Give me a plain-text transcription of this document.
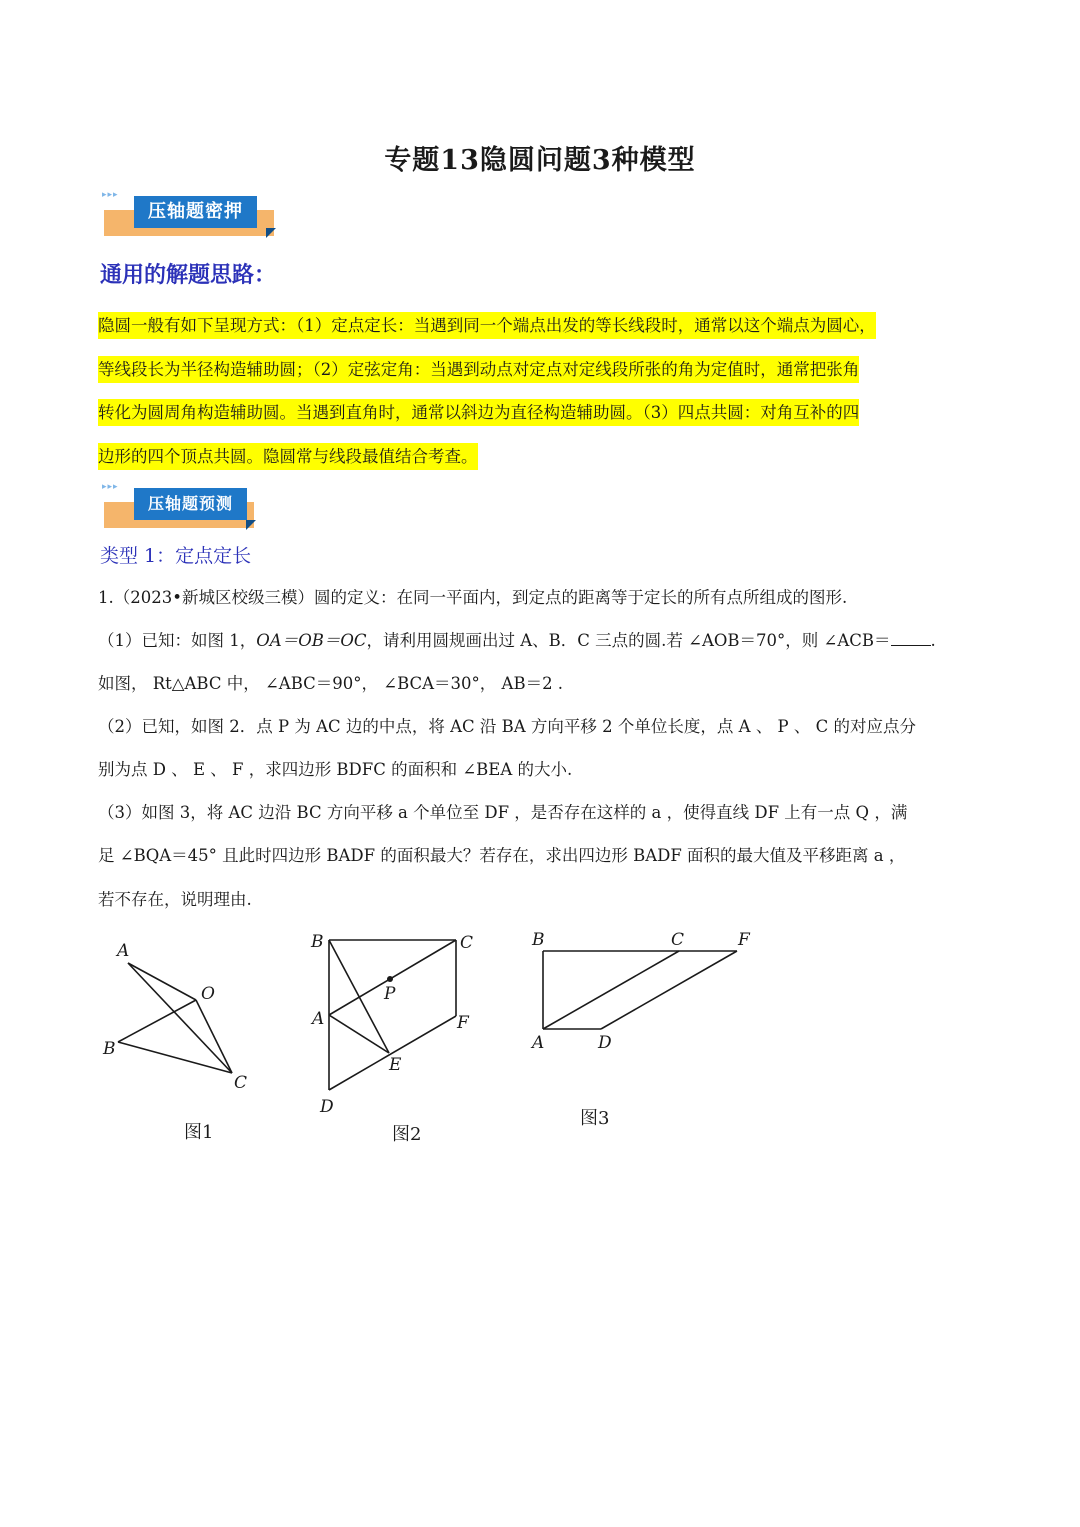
专题13隐圆问题3种模型
▸▸▸
压轴题密押
通用的解题思路：
隐圆一般有如下呈现方式：（1）定点定长：当遇到同一个端点出发的等长线段时，通常以这个端点为圆心，
等线段长为半径构造辅助圆；（2）定弦定角：当遇到动点对定点对定线段所张的角为定值时，通常把张角
转化为圆周角构造辅助圆。当遇到直角时，通常以斜边为直径构造辅助圆。（3）四点共圆：对角互补的四
边形的四个顶点共圆。隐圆常与线段最值结合考查。
▸▸▸
压轴题预测
类型 1：定点定长
1.（2023•新城区校级三模）圆的定义：在同一平面内，到定点的距离等于定长的所有点所组成的图形.
（1）已知：如图 1，OA＝OB＝OC，请利用圆规画出过 A、B．C 三点的圆.若 ∠AOB＝70°，则 ∠ACB＝ .
如图， Rt△ABC 中， ∠ABC＝90°， ∠BCA＝30°， AB＝2 .
（2）已知，如图 2．点 P 为 AC 边的中点，将 AC 沿 BA 方向平移 2 个单位长度，点 A 、 P 、 C 的对应点分
别为点 D 、 E 、 F ，求四边形 BDFC 的面积和 ∠BEA 的大小.
（3）如图 3，将 AC 边沿 BC 方向平移 a 个单位至 DF ，是否存在这样的 a ，使得直线 DF 上有一点 Q ，满
足 ∠BQA＝45° 且此时四边形 BADF 的面积最大？若存在，求出四边形 BADF 面积的最大值及平移距离 a ，
若不存在，说明理由.
A
O
B
C
图1
B	C
P
A	F
E
D
图2
B	C	F
A	D
图3
